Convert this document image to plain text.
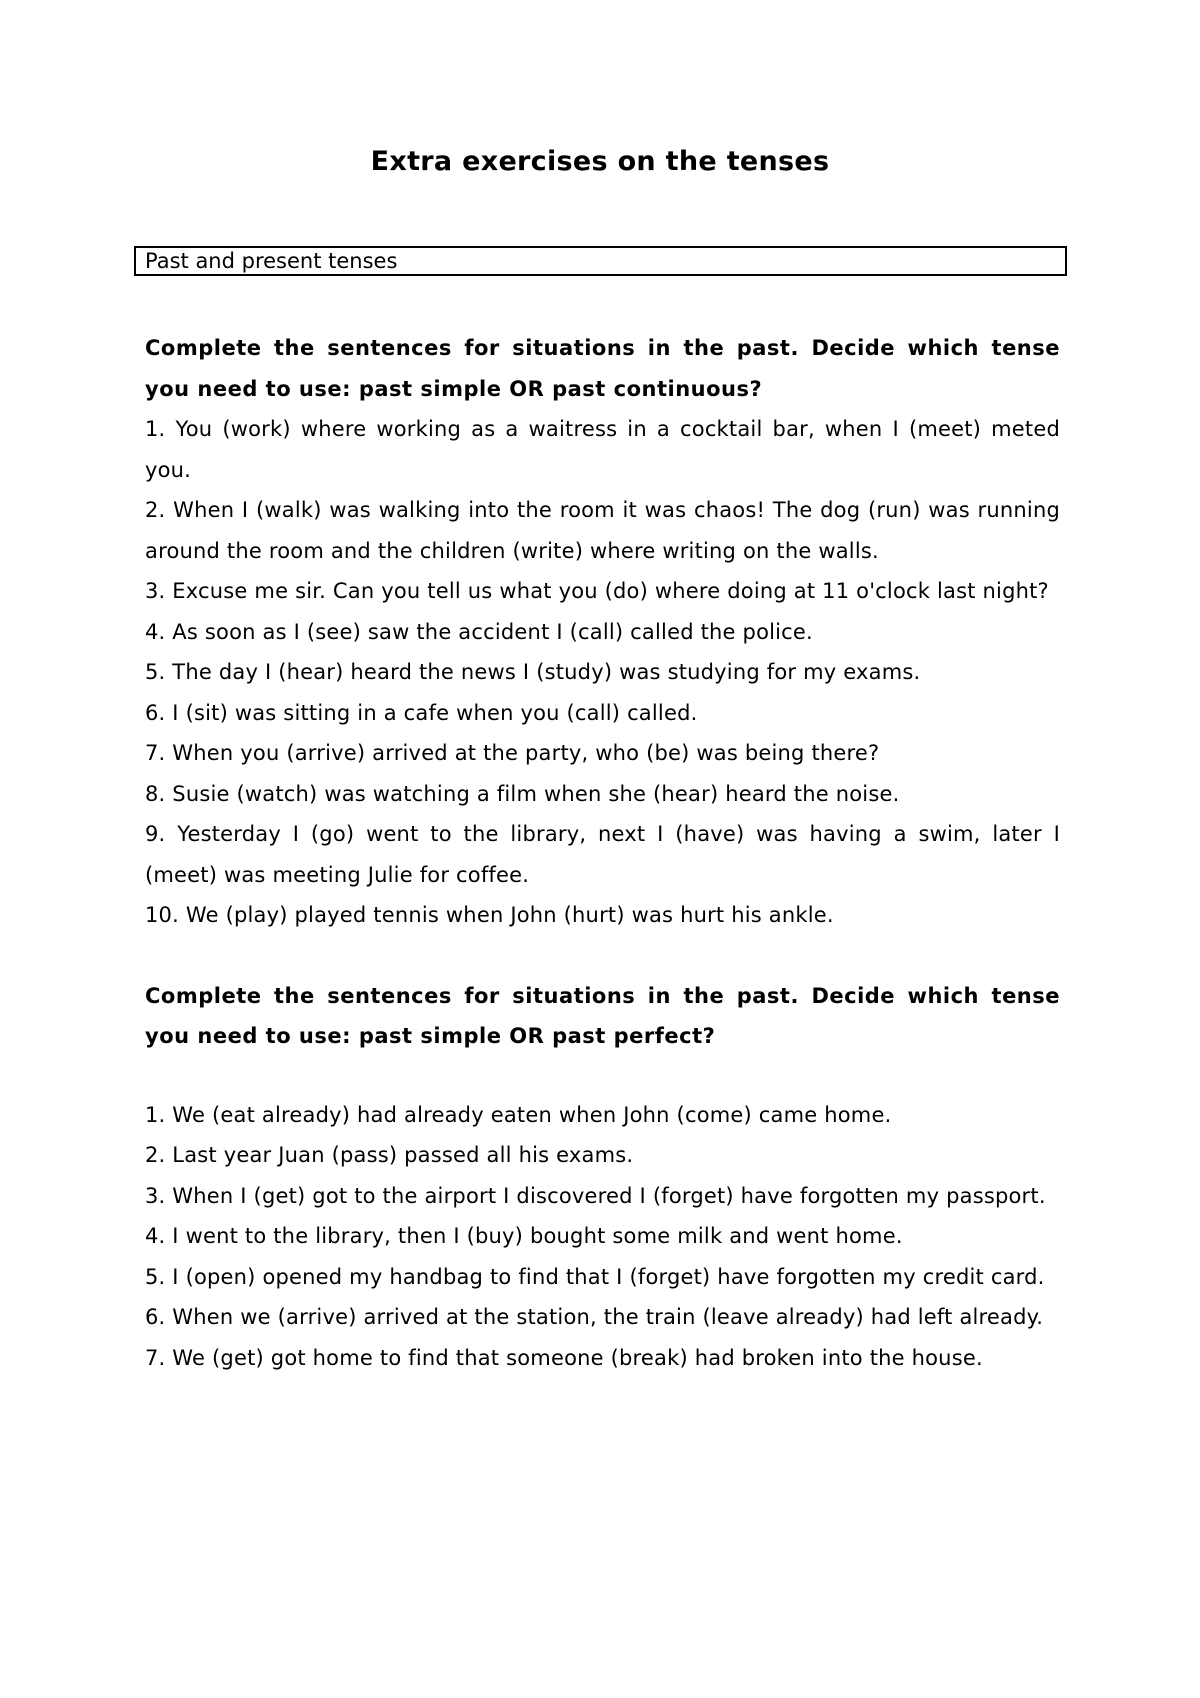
Extra exercises on the tenses
Past and present tenses

Complete the sentences for situations in the past. Decide which tense you need to use: past simple OR past continuous?

1. You (work) where working as a waitress in a cocktail bar, when I (meet) meted you.

2. When I (walk) was walking into the room it was chaos! The dog (run) was running around the room and the children (write) where writing on the walls.

3. Excuse me sir. Can you tell us what you (do) where doing at 11 o'clock last night?

4. As soon as I (see) saw the accident I (call) called the police.

5. The day I (hear) heard the news I (study) was studying for my exams.

6. I (sit) was sitting in a cafe when you (call) called.

7. When you (arrive) arrived at the party, who (be) was being there?

8. Susie (watch) was watching a film when she (hear) heard the noise.

9. Yesterday I (go) went to the library, next I (have) was having a swim, later I (meet) was meeting Julie for coffee.

10. We (play) played tennis when John (hurt) was hurt his ankle.

Complete the sentences for situations in the past. Decide which tense you need to use: past simple OR past perfect?

1. We (eat already) had already eaten when John (come) came home.

2. Last year Juan (pass) passed all his exams.

3. When I (get) got to the airport I discovered I (forget) have forgotten my passport.

4. I went to the library, then I (buy) bought some milk and went home.

5. I (open) opened my handbag to find that I (forget) have forgotten my credit card.

6. When we (arrive) arrived at the station, the train (leave already) had left already.

7. We (get) got home to find that someone (break) had broken into the house.
